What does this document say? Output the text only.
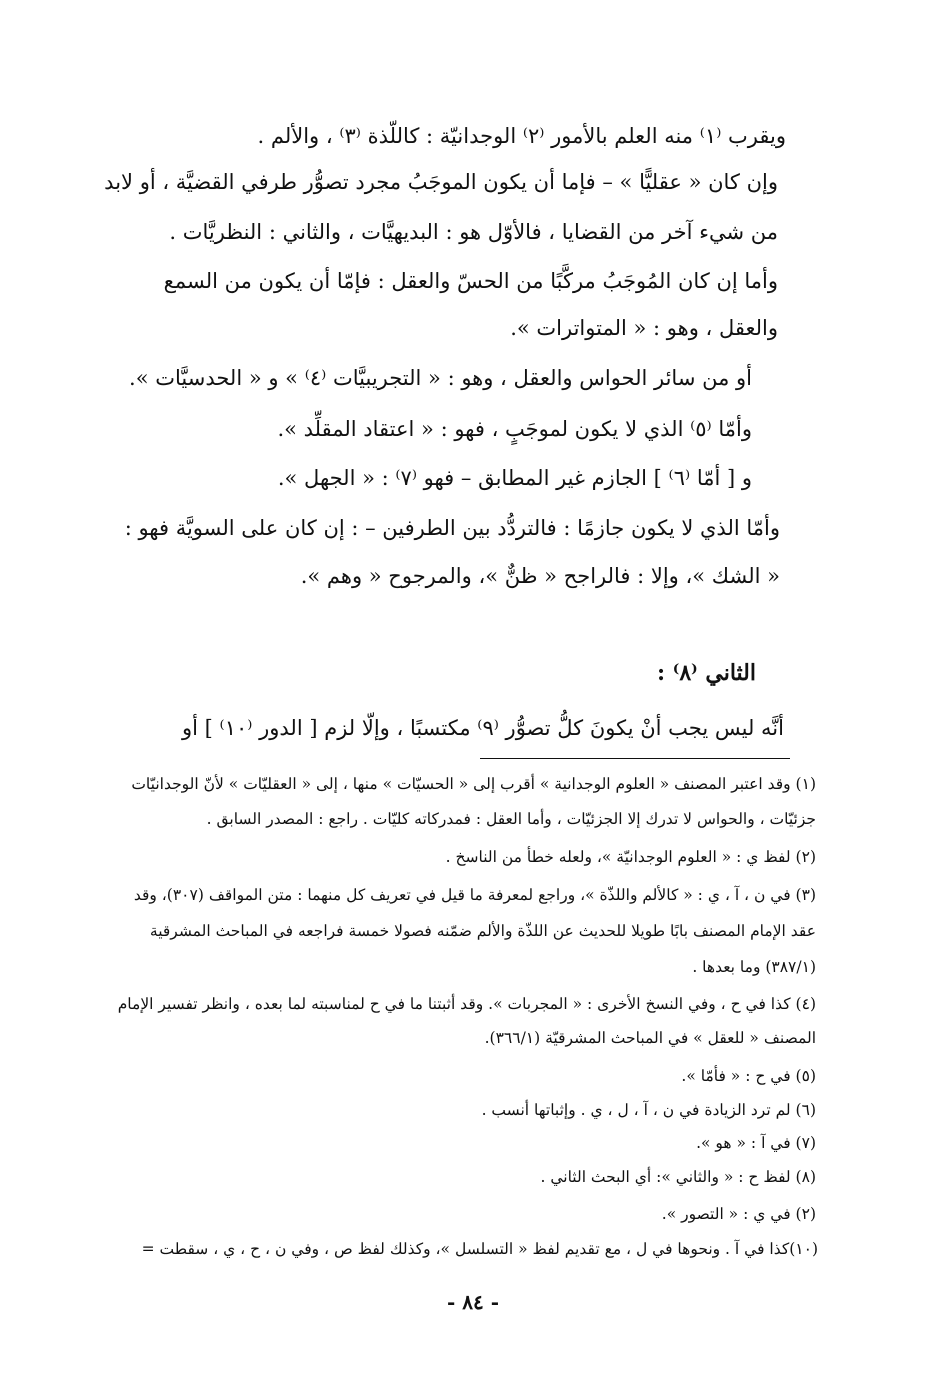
ويقرب ⁽١⁾ منه العلم بالأمور ⁽٢⁾ الوجدانيّة : كاللّذة ⁽٣⁾ ، والألم .
وإن كان « عقليًّا » – فإما أن يكون الموجَبُ مجرد تصوُّر طرفي القضيَّة ، أو لابد
من شيء آخر من القضايا ، فالأوّل هو : البديهيَّات ، والثاني : النظريَّات .
وأما إن كان المُوجَبُ مركَّبًا من الحسّ والعقل : فإمّا أن يكون من السمع
والعقل ، وهو : « المتواترات ».
أو من سائر الحواس والعقل ، وهو : « التجريبيَّات ⁽٤⁾ » و « الحدسيَّات ».
وأمّا ⁽٥⁾ الذي لا يكون لموجَبٍ ، فهو : « اعتقاد المقلِّد ».
و [ أمّا ⁽٦⁾ ] الجازم غير المطابق – فهو ⁽٧⁾ : « الجهل ».
وأمّا الذي لا يكون جازمًا : فالتردُّد بين الطرفين – : إن كان على السويَّة فهو :
« الشك »، وإلا : فالراجح « ظنٌّ »، والمرجوح « وهم ».
الثاني ⁽٨⁾ :
أنَّه ليس يجب أنْ يكونَ كلُّ تصوُّر ⁽٩⁾ مكتسبًا ، وإلّا لزم [ الدور ⁽١٠⁾ ] أو
(١) وقد اعتبر المصنف « العلوم الوجدانية » أقرب إلى « الحسيّات » منها ، إلى « العقليّات » لأنّ الوجدانيّات
جزئيّات ، والحواس لا تدرك إلا الجزئيّات ، وأما العقل : فمدركاته كليّات . راجع : المصدر السابق .
(٢) لفظ ي : « العلوم الوجدانيّة »، ولعله خطأ من الناسخ .
(٣) في ن ، آ ، ي : « كالألم واللذّة »، وراجع لمعرفة ما قيل في تعريف كل منهما : متن المواقف (٣٠٧)، وقد
عقد الإمام المصنف بابًا طويلا للحديث عن اللذّة والألم ضمّنه فصولا خمسة فراجعه في المباحث المشرقية
(٣٨٧/١) وما بعدها .
(٤) كذا في ح ، وفي النسخ الأخرى : « المجربات ». وقد أثبتنا ما في ح لمناسبته لما بعده ، وانظر تفسير الإمام
المصنف « للعقل » في المباحث المشرقيّة (٣٦٦/١).
(٥) في ح : « فأمّا ».
(٦) لم ترد الزيادة في ن ، آ ، ل ، ي . وإثباتها أنسب .
(٧) في آ : « هو ».
(٨) لفظ ح : « والثاني »: أي البحث الثاني .
(٢) في ي : « التصور ».
(١٠)كذا في آ . ونحوها في ل ، مع تقديم لفظ « التسلسل »، وكذلك لفظ ص ، وفي ن ، ح ، ي ، سقطت =
- ٨٤ -
